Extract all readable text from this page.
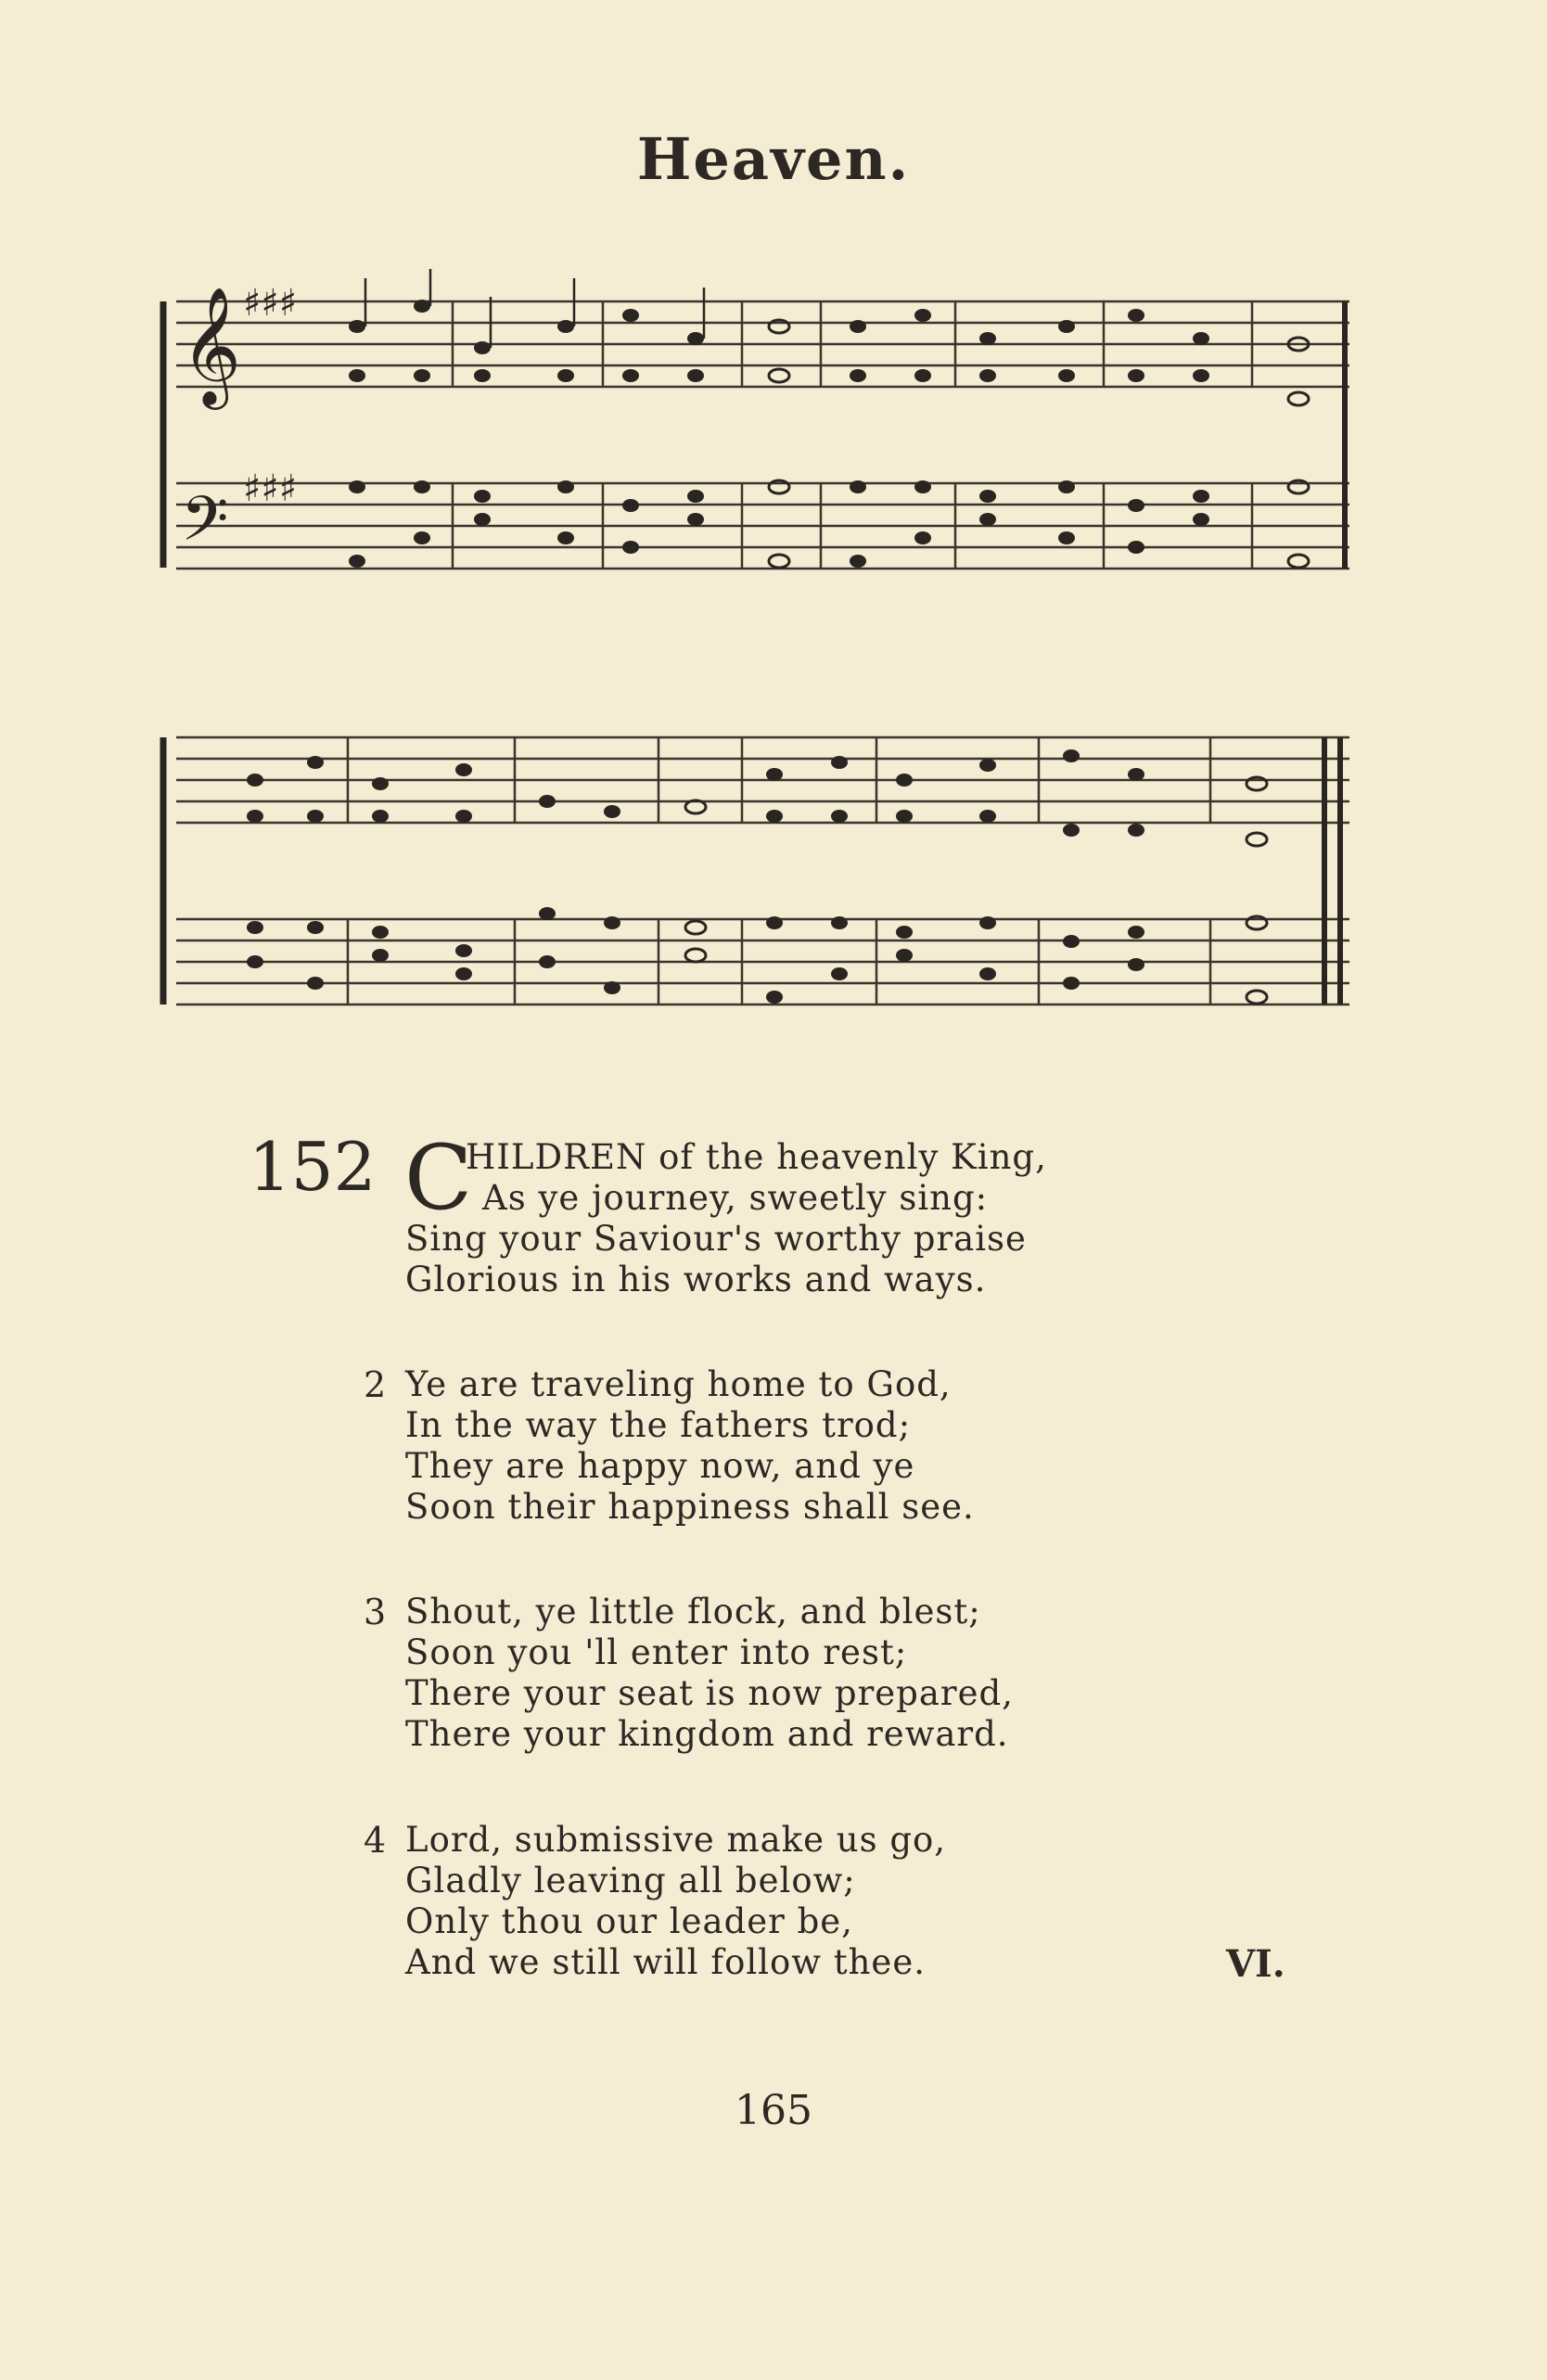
Heaven.
𝄞
𝄢
♯♯♯
♯♯♯
152 C
HILDREN of the heavenly King,
As ye journey, sweetly sing:
Sing your Saviour's worthy praise
Glorious in his works and ways.
2 Ye are traveling home to God,
In the way the fathers trod;
They are happy now, and ye
Soon their happiness shall see.
3 Shout, ye little flock, and blest;
Soon you 'll enter into rest;
There your seat is now prepared,
There your kingdom and reward.
4 Lord, submissive make us go,
Gladly leaving all below;
Only thou our leader be,
And we still will follow thee.	VI.
165
